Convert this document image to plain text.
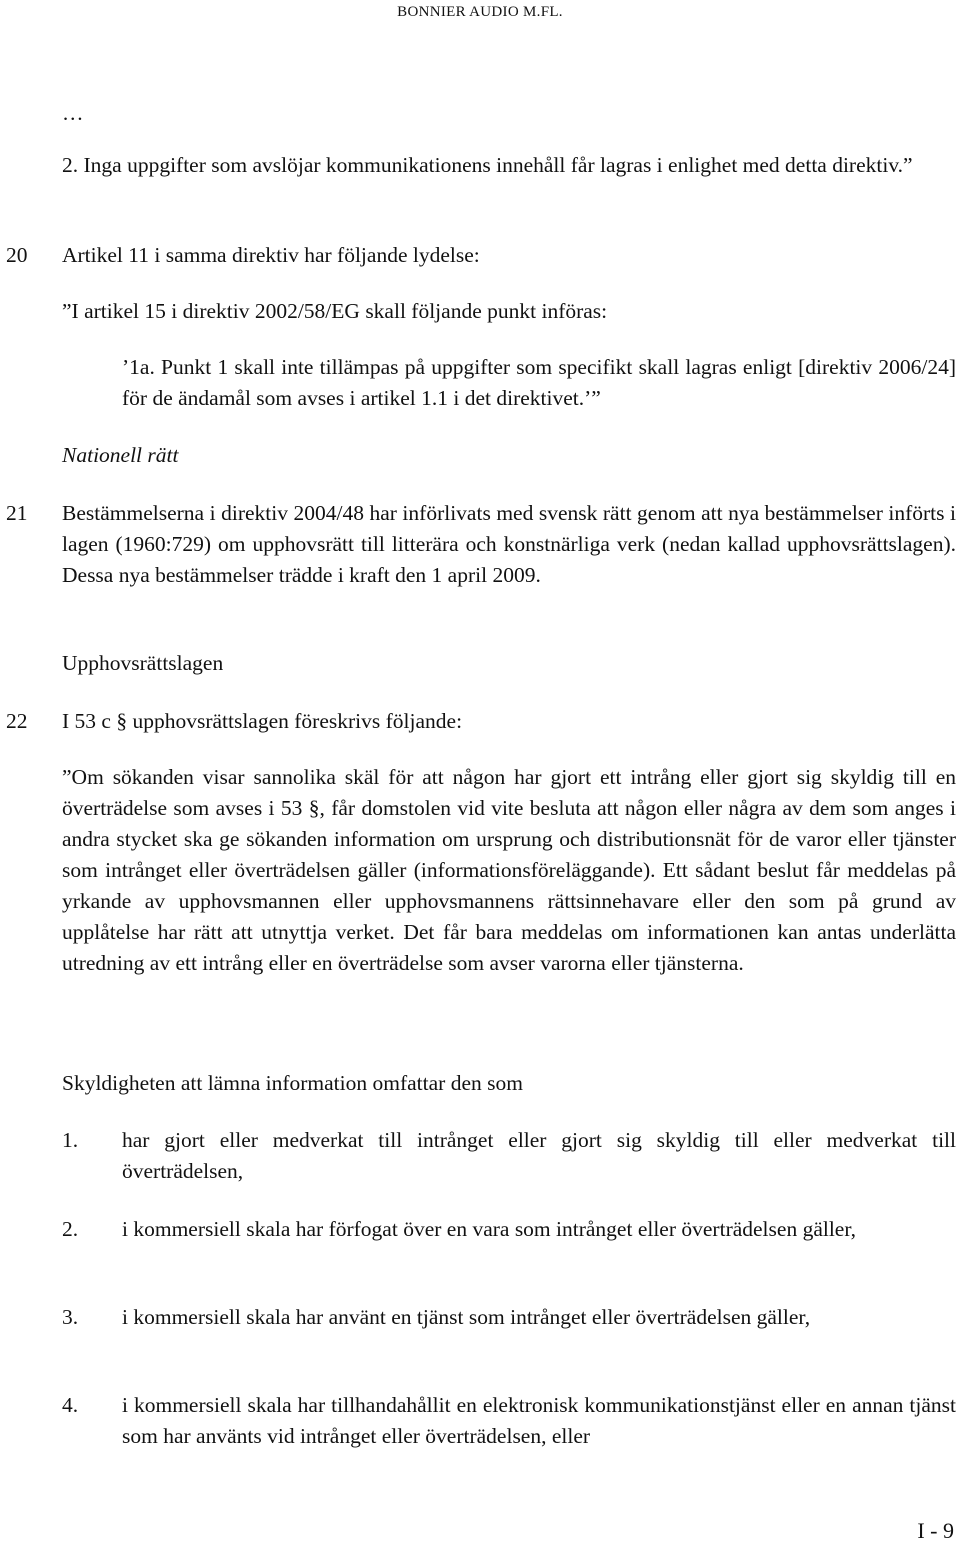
BONNIER AUDIO M.FL.
…
2. Inga uppgifter som avslöjar kommunikationens innehåll får lagras i enlighet med detta direktiv.”
20 Artikel 11 i samma direktiv har följande lydelse:
”I artikel 15 i direktiv 2002/58/EG skall följande punkt införas:
’1a. Punkt 1 skall inte tillämpas på uppgifter som specifikt skall lagras enligt [direktiv 2006/24] för de ändamål som avses i artikel 1.1 i det direktivet.’”
Nationell rätt
21 Bestämmelserna i direktiv 2004/48 har införlivats med svensk rätt genom att nya bestämmelser införts i lagen (1960:729) om upphovsrätt till litterära och konstnärliga verk (nedan kallad upphovsrättslagen). Dessa nya bestämmelser trädde i kraft den 1 april 2009.
Upphovsrättslagen
22 I 53 c § upphovsrättslagen föreskrivs följande:
”Om sökanden visar sannolika skäl för att någon har gjort ett intrång eller gjort sig skyldig till en överträdelse som avses i 53 §, får domstolen vid vite besluta att någon eller några av dem som anges i andra stycket ska ge sökanden information om ursprung och distributionsnät för de varor eller tjänster som intrånget eller överträdelsen gäller (informationsföreläggande). Ett sådant beslut får meddelas på yrkande av upphovsmannen eller upphovsmannens rättsinnehavare eller den som på grund av upplåtelse har rätt att utnyttja verket. Det får bara meddelas om informationen kan antas underlätta utredning av ett intrång eller en överträdelse som avser varorna eller tjänsterna.
Skyldigheten att lämna information omfattar den som
1. har gjort eller medverkat till intrånget eller gjort sig skyldig till eller medverkat till överträdelsen,
2. i kommersiell skala har förfogat över en vara som intrånget eller överträdelsen gäller,
3. i kommersiell skala har använt en tjänst som intrånget eller överträdelsen gäller,
4. i kommersiell skala har tillhandahållit en elektronisk kommunikationstjänst eller en annan tjänst som har använts vid intrånget eller överträdelsen, eller
I - 9
